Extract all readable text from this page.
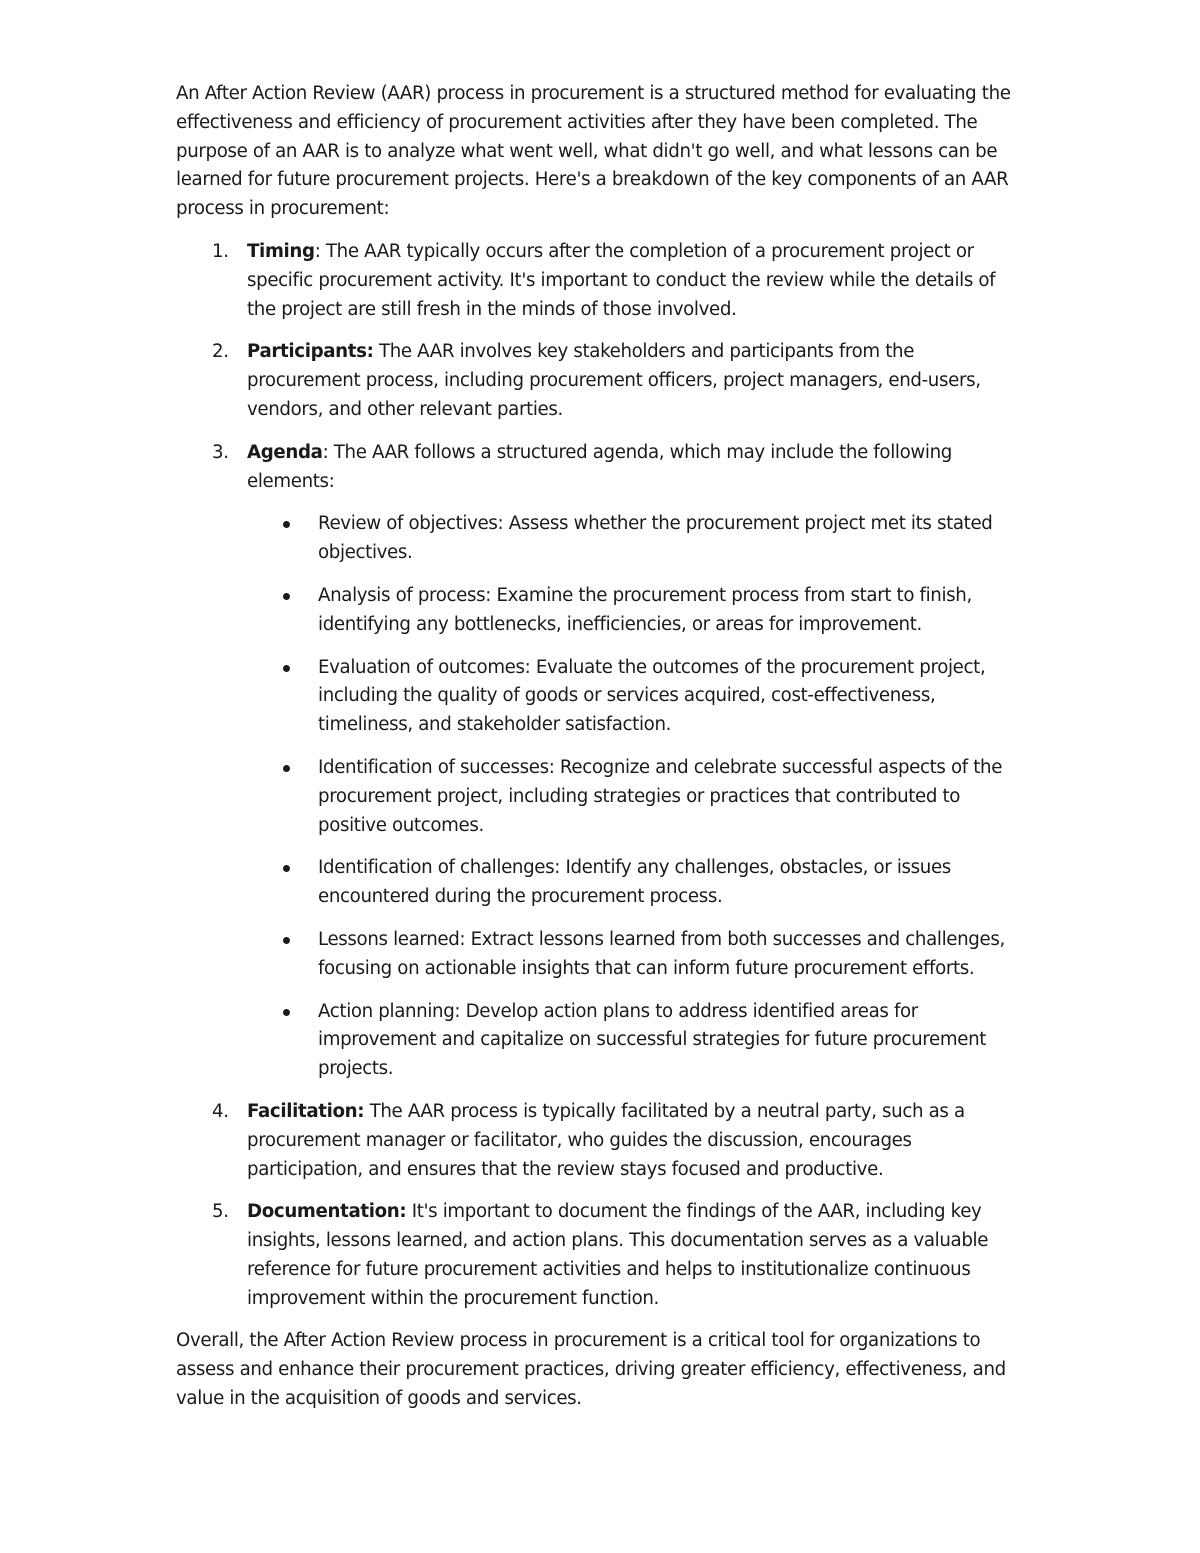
An After Action Review (AAR) process in procurement is a structured method for evaluating the effectiveness and efficiency of procurement activities after they have been completed. The purpose of an AAR is to analyze what went well, what didn't go well, and what lessons can be learned for future procurement projects. Here's a breakdown of the key components of an AAR process in procurement:

1. Timing: The AAR typically occurs after the completion of a procurement project or specific procurement activity. It's important to conduct the review while the details of the project are still fresh in the minds of those involved.
2. Participants: The AAR involves key stakeholders and participants from the procurement process, including procurement officers, project managers, end-users, vendors, and other relevant parties.
3. Agenda: The AAR follows a structured agenda, which may include the following elements:
Review of objectives: Assess whether the procurement project met its stated objectives.
Analysis of process: Examine the procurement process from start to finish, identifying any bottlenecks, inefficiencies, or areas for improvement.
Evaluation of outcomes: Evaluate the outcomes of the procurement project, including the quality of goods or services acquired, cost-effectiveness, timeliness, and stakeholder satisfaction.
Identification of successes: Recognize and celebrate successful aspects of the procurement project, including strategies or practices that contributed to positive outcomes.
Identification of challenges: Identify any challenges, obstacles, or issues encountered during the procurement process.
Lessons learned: Extract lessons learned from both successes and challenges, focusing on actionable insights that can inform future procurement efforts.
Action planning: Develop action plans to address identified areas for improvement and capitalize on successful strategies for future procurement projects.
4. Facilitation: The AAR process is typically facilitated by a neutral party, such as a procurement manager or facilitator, who guides the discussion, encourages participation, and ensures that the review stays focused and productive.
5. Documentation: It's important to document the findings of the AAR, including key insights, lessons learned, and action plans. This documentation serves as a valuable reference for future procurement activities and helps to institutionalize continuous improvement within the procurement function.

Overall, the After Action Review process in procurement is a critical tool for organizations to assess and enhance their procurement practices, driving greater efficiency, effectiveness, and value in the acquisition of goods and services.
